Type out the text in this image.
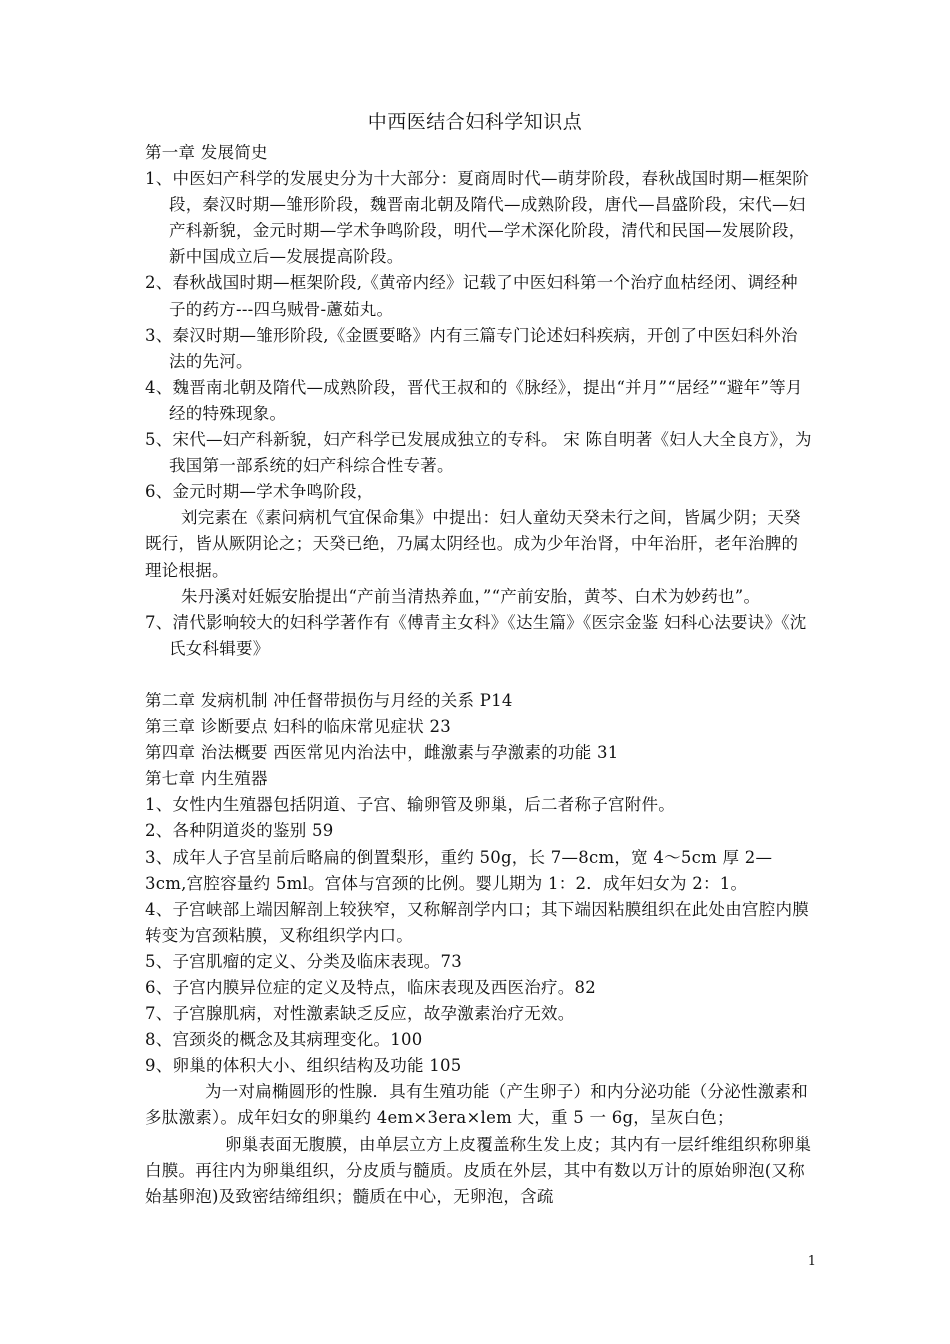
中西医结合妇科学知识点

第一章 发展简史

1、中医妇产科学的发展史分为十大部分：夏商周时代—萌芽阶段，春秋战国时期—框架阶段，秦汉时期—雏形阶段，魏晋南北朝及隋代—成熟阶段，唐代—昌盛阶段，宋代—妇产科新貌，金元时期—学术争鸣阶段，明代—学术深化阶段，清代和民国—发展阶段，新中国成立后—发展提高阶段。

2、春秋战国时期—框架阶段,《黄帝内经》记载了中医妇科第一个治疗血枯经闭、调经种子的药方---四乌贼骨-藘茹丸。

3、秦汉时期—雏形阶段,《金匮要略》内有三篇专门论述妇科疾病，开创了中医妇科外治法的先河。

4、魏晋南北朝及隋代—成熟阶段，晋代王叔和的《脉经》，提出“并月”“居经”“避年”等月经的特殊现象。

5、宋代—妇产科新貌，妇产科学已发展成独立的专科。 宋 陈自明著《妇人大全良方》，为我国第一部系统的妇产科综合性专著。

6、金元时期—学术争鸣阶段，

刘完素在《素问病机气宜保命集》中提出：妇人童幼天癸未行之间，皆属少阴；天癸既行，皆从厥阴论之；天癸已绝，乃属太阴经也。成为少年治肾，中年治肝，老年治脾的理论根据。

朱丹溪对妊娠安胎提出“产前当清热养血，”“产前安胎，黄芩、白术为妙药也”。

7、清代影响较大的妇科学著作有《傅青主女科》《达生篇》《医宗金鉴 妇科心法要诀》《沈氏女科辑要》

第二章 发病机制 冲任督带损伤与月经的关系 P14

第三章 诊断要点 妇科的临床常见症状 23

第四章 治法概要 西医常见内治法中，雌激素与孕激素的功能 31

第七章 内生殖器

1、女性内生殖器包括阴道、子宫、输卵管及卵巢，后二者称子宫附件。

2、各种阴道炎的鉴别 59

3、成年人子宫呈前后略扁的倒置梨形，重约 50g，长 7—8cm，宽 4～5cm 厚 2—3cm,宫腔容量约 5ml。宫体与宫颈的比例。婴儿期为 1：2．成年妇女为 2：1。

4、子宫峡部上端因解剖上较狭窄，又称解剖学内口；其下端因粘膜组织在此处由宫腔内膜转变为宫颈粘膜，叉称组织学内口。

5、子宫肌瘤的定义、分类及临床表现。73

6、子宫内膜异位症的定义及特点，临床表现及西医治疗。82

7、子宫腺肌病，对性激素缺乏反应，故孕激素治疗无效。

8、宫颈炎的概念及其病理变化。100

9、卵巢的体积大小、组织结构及功能 105

为一对扁椭圆形的性腺．具有生殖功能（产生卵子）和内分泌功能（分泌性激素和多肽激素）。成年妇女的卵巢约 4em×3era×lem 大，重 5 一 6g，呈灰白色；卵巢表面无腹膜，由单层立方上皮覆盖称生发上皮；其内有一层纤维组织称卵巢白膜。再往内为卵巢组织，分皮质与髓质。皮质在外层，其中有数以万计的原始卵泡(又称始基卵泡)及致密结缔组织；髓质在中心，无卵泡，含疏

1
